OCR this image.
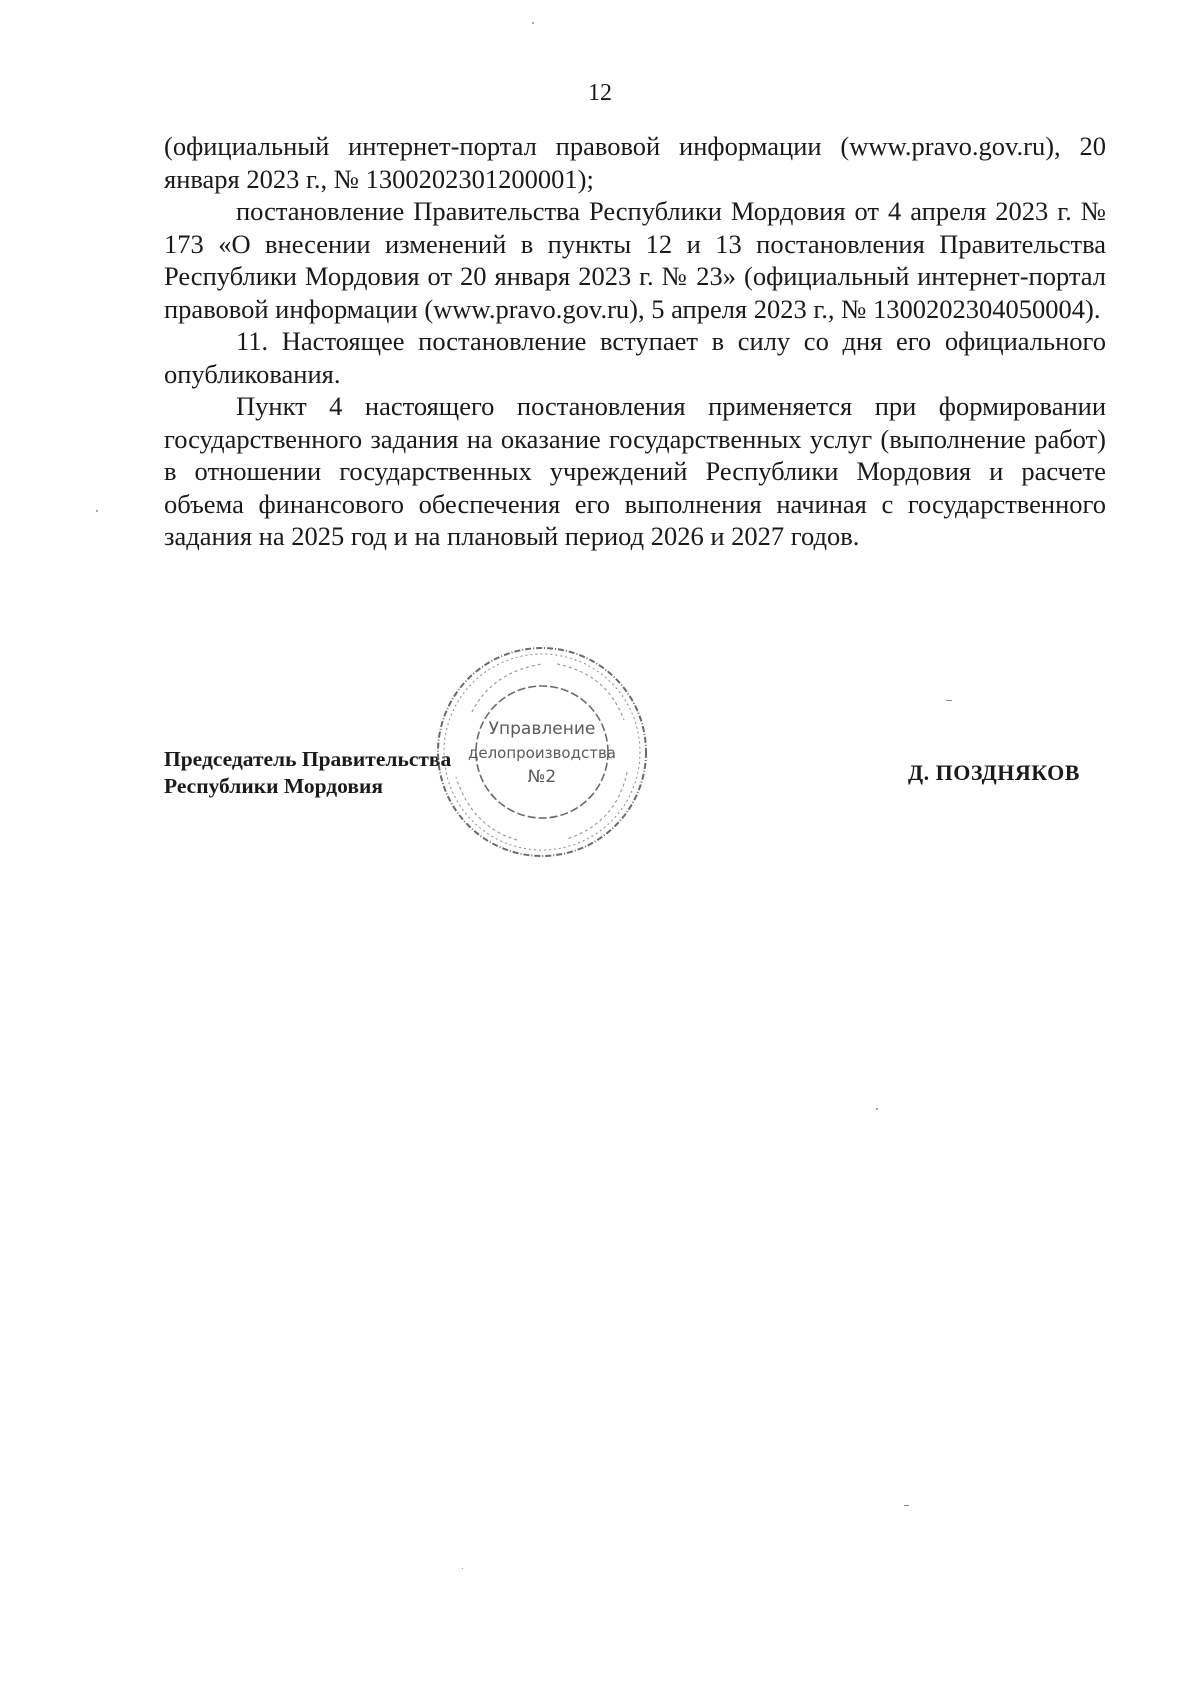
12

(официальный интернет-портал правовой информации (www.pravo.gov.ru), 20 января 2023 г., № 1300202301200001);

постановление Правительства Республики Мордовия от 4 апреля 2023 г. № 173 «О внесении изменений в пункты 12 и 13 постановления Правительства Республики Мордовия от 20 января 2023 г. № 23» (официальный интернет-портал правовой информации (www.pravo.gov.ru), 5 апреля 2023 г., № 1300202304050004).

11. Настоящее постановление вступает в силу со дня его официального опубликования.

Пункт 4 настоящего постановления применяется при формировании государственного задания на оказание государственных услуг (выполнение работ) в отношении государственных учреждений Республики Мордовия и расчете объема финансового обеспечения его выполнения начиная с государственного задания на 2025 год и на плановый период 2026 и 2027 годов.

Председатель Правительства
Республики Мордовия
Управление
делопроизводства
№2	Д. ПОЗДНЯКОВ
